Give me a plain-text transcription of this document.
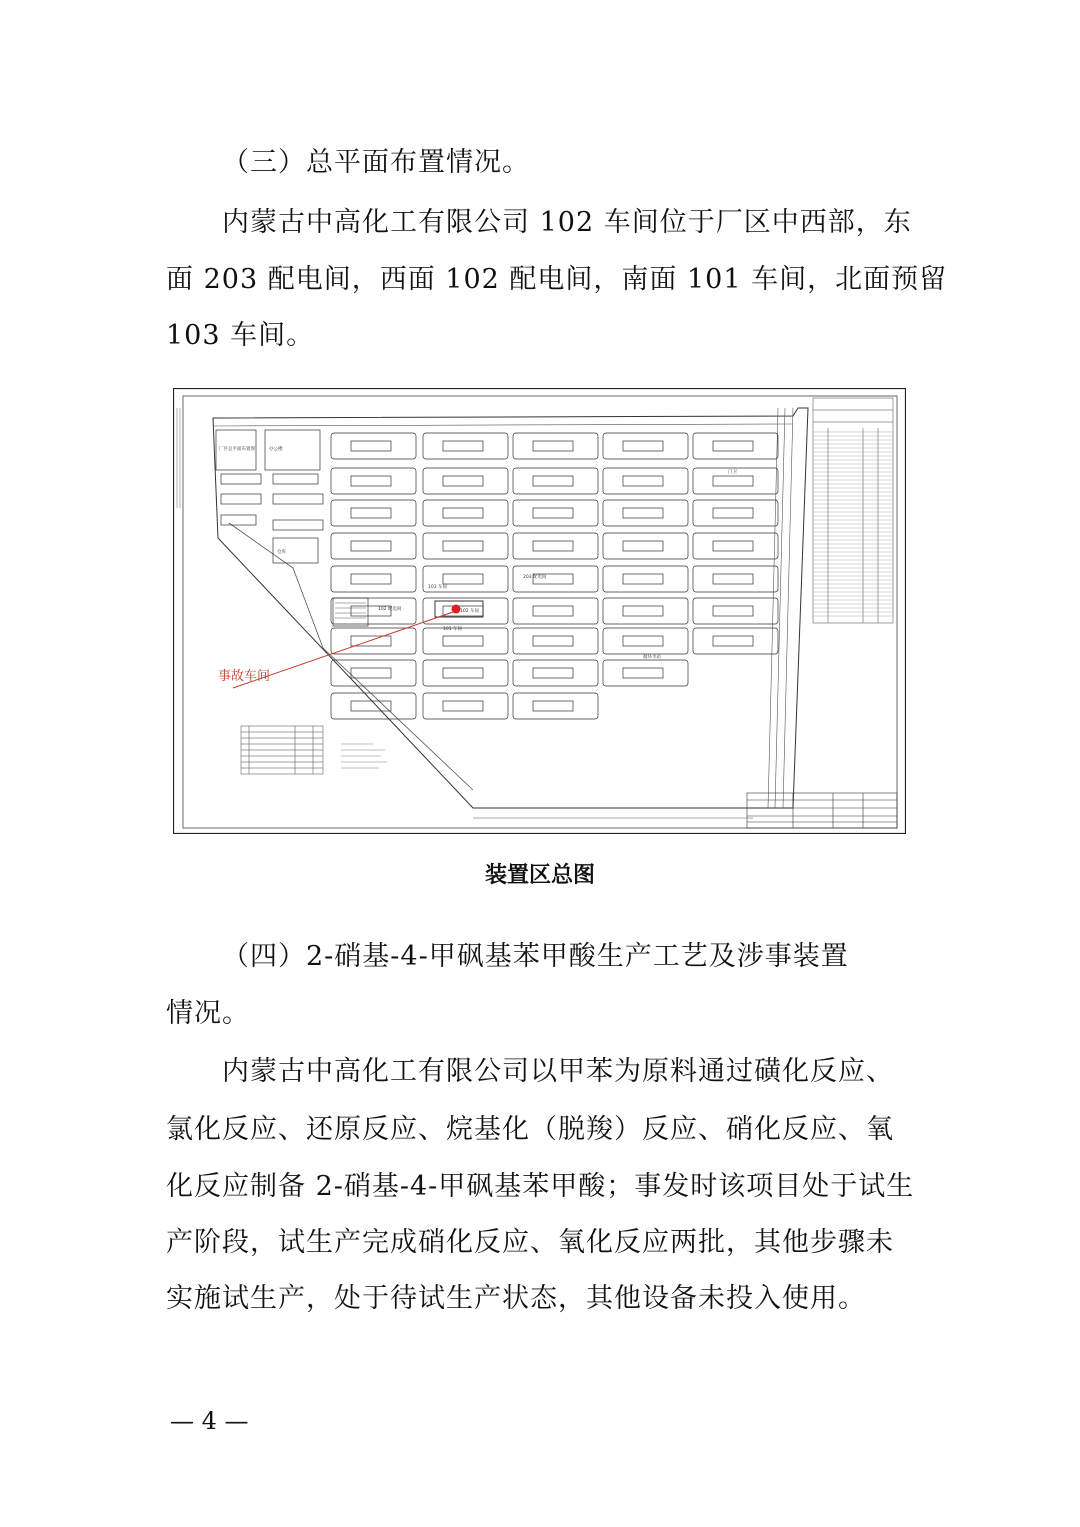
（三）总平面布置情况。
内蒙古中高化工有限公司 102 车间位于厂区中西部，东
面 203 配电间，西面 102 配电间，南面 101 车间，北面预留
103 车间。
厂区总平面布置图	办公楼
仓库
203 配电间
102 配电间
103 车间
101 车间
循环水站
门卫
102 车间
事故车间
装置区总图
（四）2-硝基-4-甲砜基苯甲酸生产工艺及涉事装置
情况。
内蒙古中高化工有限公司以甲苯为原料通过磺化反应、
氯化反应、还原反应、烷基化（脱羧）反应、硝化反应、氧
化反应制备 2-硝基-4-甲砜基苯甲酸；事发时该项目处于试生
产阶段，试生产完成硝化反应、氧化反应两批，其他步骤未
实施试生产，处于待试生产状态，其他设备未投入使用。
— 4 —
